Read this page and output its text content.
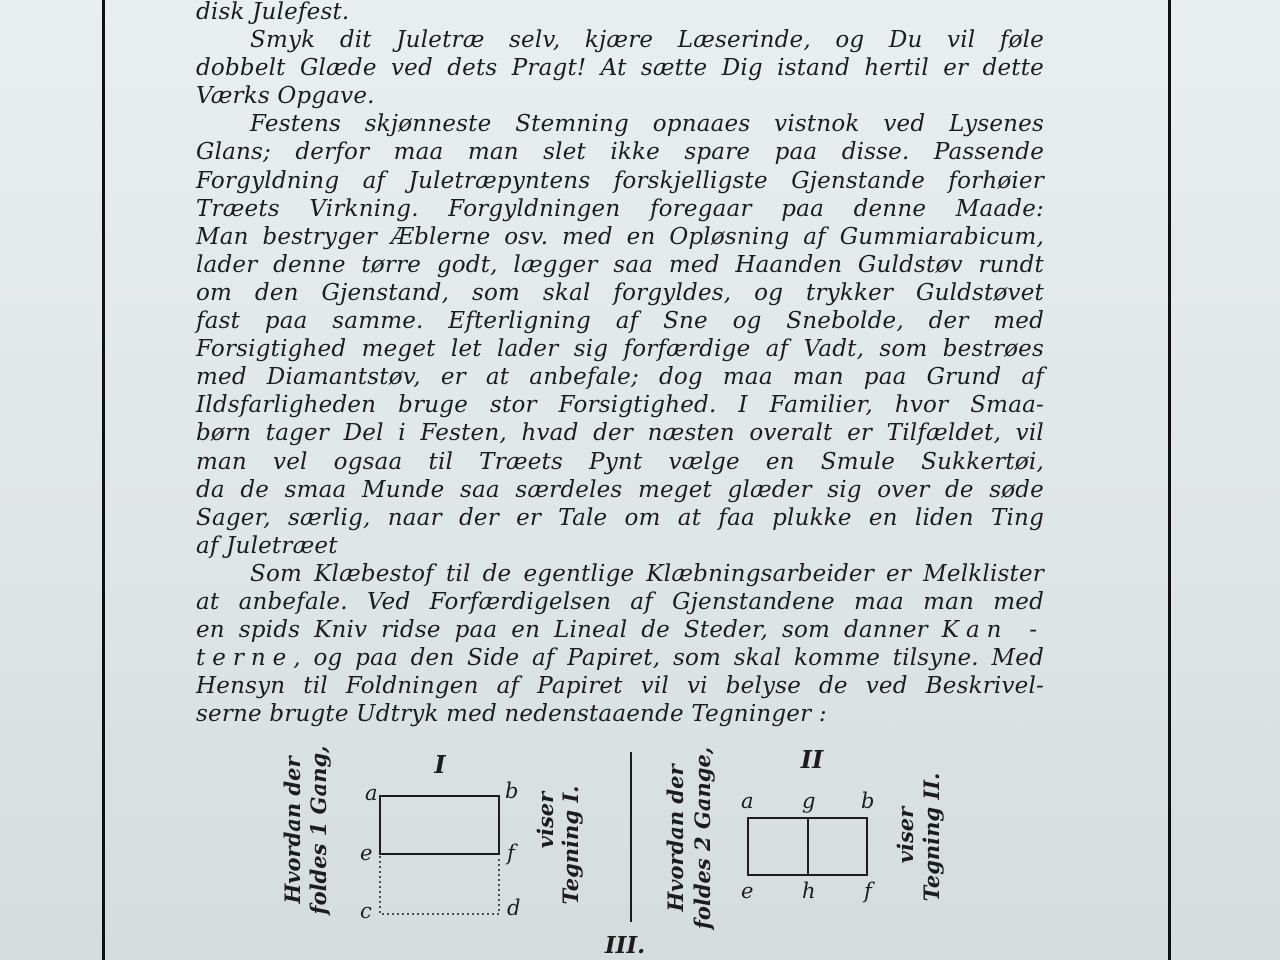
disk Julefest.
Smyk dit Juletræ selv, kjære Læserinde, og Du vil føle
dobbelt Glæde ved dets Pragt! At sætte Dig istand hertil er dette
Værks Opgave.
Festens skjønneste Stemning opnaaes vistnok ved Lysenes
Glans; derfor maa man slet ikke spare paa disse. Passende
Forgyldning af Juletræpyntens forskjelligste Gjenstande forhøier
Træets Virkning. Forgyldningen foregaar paa denne Maade:
Man bestryger Æblerne osv. med en Opløsning af Gummiarabicum,
lader denne tørre godt, lægger saa med Haanden Guldstøv rundt
om den Gjenstand, som skal forgyldes, og trykker Guldstøvet
fast paa samme. Efterligning af Sne og Snebolde, der med
Forsigtighed meget let lader sig forfærdige af Vadt, som bestrøes
med Diamantstøv, er at anbefale; dog maa man paa Grund af
Ildsfarligheden bruge stor Forsigtighed. I Familier, hvor Smaa-
børn tager Del i Festen, hvad der næsten overalt er Tilfældet, vil
man vel ogsaa til Træets Pynt vælge en Smule Sukkertøi,
da de smaa Munde saa særdeles meget glæder sig over de søde
Sager, særlig, naar der er Tale om at faa plukke en liden Ting
af Juletræet
Som Klæbestof til de egentlige Klæbningsarbeider er Melklister
at anbefale. Ved Forfærdigelsen af Gjenstandene maa man med
en spids Kniv ridse paa en Lineal de Steder, som danner Kan -
terne, og paa den Side af Papiret, som skal komme tilsyne. Med
Hensyn til Foldningen af Papiret vil vi belyse de ved Beskrivel-
serne brugte Udtryk med nedenstaaende Tegninger :
Hvordan der foldes 1 Gang,	I
a	b
e	f
c	d
viser Tegning I.
III.
Hvordan der foldes 2 Gange,	II
a g b
e h f
viser Tegning II.
